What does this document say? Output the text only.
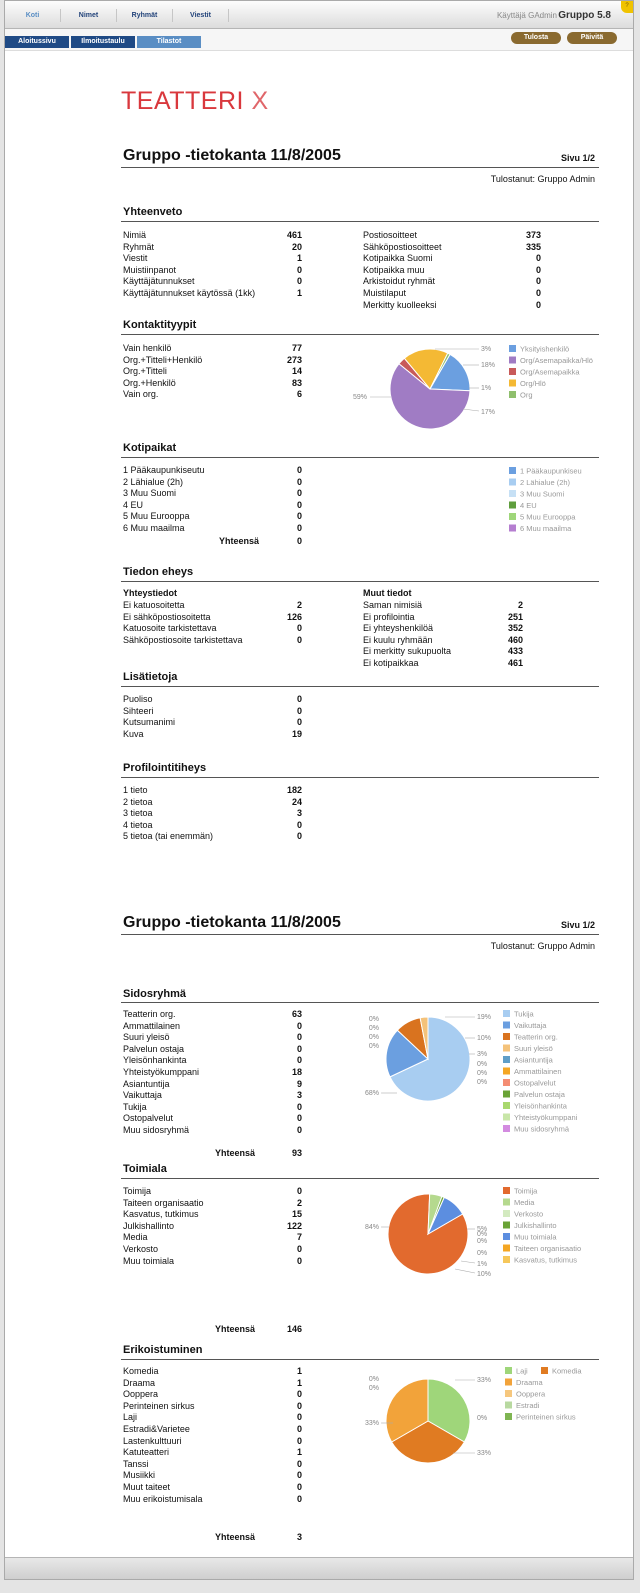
Koti	Nimet	Ryhmät	Viestit	Käyttäjä GAdmin Gruppo 5.8
?
Aloitussivu	Ilmoitustaulu	Tilastot
Tulosta	Päivitä
TEATTERI X
Gruppo -tietokanta 11/8/2005	Sivu 1/2
Tulostanut: Gruppo Admin
Yhteenveto
Nimiä	461
Ryhmät	20
Viestit	1
Muistiinpanot	0
Käyttäjätunnukset	0
Käyttäjätunnukset käytössä (1kk)	1
Postiosoitteet	373
Sähköpostiosoitteet	335
Kotipaikka Suomi	0
Kotipaikka muu	0
Arkistoidut ryhmät	0
Muistilaput	0
Merkitty kuolleeksi	0
Kontaktityypit
Vain henkilö	77
Org.+Titteli+Henkilö	273
Org.+Titteli	14
Org.+Henkilö	83
Vain org.	6
Yksityishenkilö
Org/Asemapaikka/Hlö
Org/Asemapaikka
Org/Hlö
Org
17%
59%
3%
18%
1%
Kotipaikat
1 Pääkaupunkiseutu	0
2 Lähialue (2h)	0
3 Muu Suomi	0
4 EU	0
5 Muu Eurooppa	0
6 Muu maailma	0
Yhteensä	0
1 Pääkaupunkiseu
2 Lähialue (2h)
3 Muu Suomi
4 EU
5 Muu Eurooppa
6 Muu maailma
Tiedon eheys
Yhteystiedot	Muut tiedot
Ei katuosoitetta	2
Ei sähköpostiosoitetta	126
Katuosoite tarkistettava	0
Sähköpostiosoite tarkistettava	0
Saman nimisiä	2
Ei profilointia	251
Ei yhteyshenkilöä	352
Ei kuulu ryhmään	460
Ei merkitty sukupuolta	433
Ei kotipaikkaa	461
Lisätietoja
Puoliso	0
Sihteeri	0
Kutsumanimi	0
Kuva	19
Profilointitiheys
1 tieto	182
2 tietoa	24
3 tietoa	3
4 tietoa	0
5 tietoa (tai enemmän)	0
Gruppo -tietokanta 11/8/2005	Sivu 1/2
Tulostanut: Gruppo Admin
Sidosryhmä
Teatterin org.	63
Ammattilainen	0
Suuri yleisö	0
Palvelun ostaja	0
Yleisönhankinta	0
Yhteistyökumppani	18
Asiantuntija	9
Vaikuttaja	3
Tukija	0
Ostopalvelut	0
Muu sidosryhmä	0
Yhteensä	93
Tukija
Vaikuttaja
Teatterin org.
Suuri yleisö
Asiantuntija
Ammattilainen
Ostopalvelut
Palvelun ostaja
Yleisönhankinta
Yhteistyökumppani
Muu sidosryhmä
68%
19%
10%
3%
0%
0%
0%
0%
0%
0%
0%
Toimiala
Toimija	0
Taiteen organisaatio	2
Kasvatus, tutkimus	15
Julkishallinto	122
Media	7
Verkosto	0
Muu toimiala	0
Yhteensä	146
Toimija
Media
Verkosto
Julkishallinto
Muu toimiala
Taiteen organisaatio
Kasvatus, tutkimus
84%	5%
0%
1%
10%
0%
0%
Erikoistuminen
Komedia	1
Draama	1
Ooppera	0
Perinteinen sirkus	0
Laji	0
Estradi&Varietee	0
Lastenkulttuuri	0
Katuteatteri	1
Tanssi	0
Musiikki	0
Muut taiteet	0
Muu erikoistumisala	0
Yhteensä	3
Laji	Komedia
Draama
Ooppera
Estradi
Perinteinen sirkus
33%
33%
33%
0%
0%
0%
